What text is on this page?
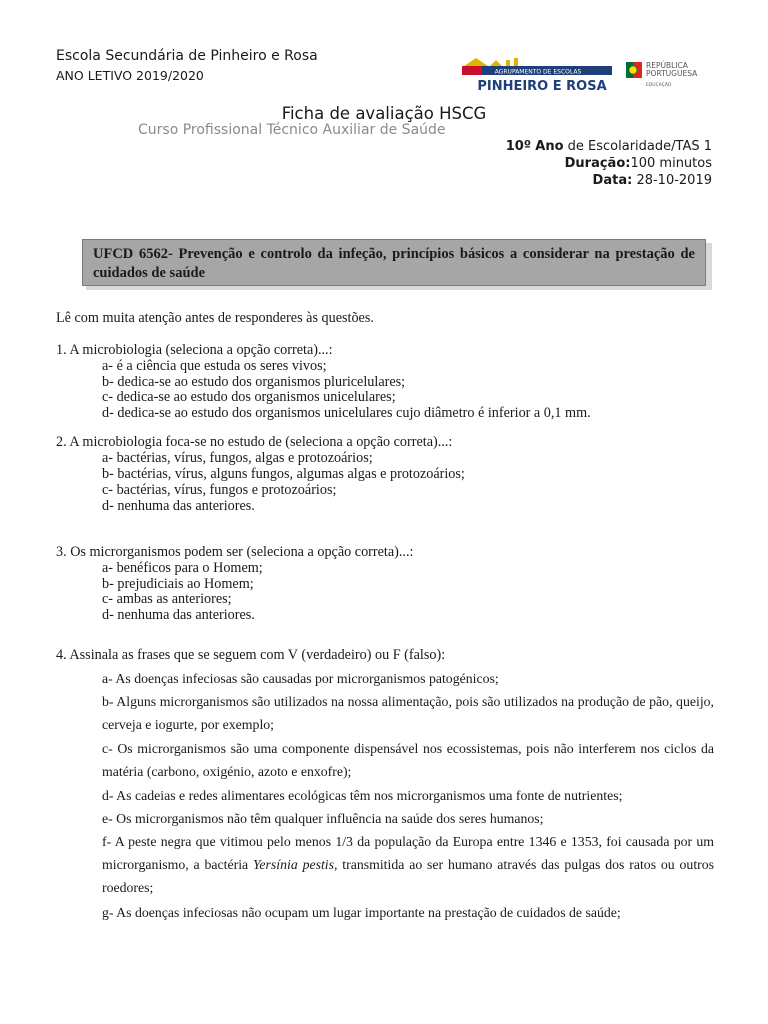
Escola Secundária de Pinheiro e Rosa
ANO LETIVO 2019/2020	AGRUPAMENTO DE ESCOLAS
PINHEIRO E ROSA
REPÚBLICA
PORTUGUESA
EDUCAÇÃO
Ficha de avaliação HSCG
Curso Profissional Técnico Auxiliar de Saúde
10º Ano de Escolaridade/TAS 1
Duração:100 minutos
Data: 28-10-2019
UFCD 6562- Prevenção e controlo da infeção, princípios básicos a considerar na prestação de cuidados de saúde
Lê com muita atenção antes de responderes às questões.
1. A microbiologia (seleciona a opção correta)...:
a- é a ciência que estuda os seres vivos;
b- dedica-se ao estudo dos organismos pluricelulares;
c- dedica-se ao estudo dos organismos unicelulares;
d- dedica-se ao estudo dos organismos unicelulares cujo diâmetro é inferior a 0,1 mm.
2. A microbiologia foca-se no estudo de (seleciona a opção correta)...:
a- bactérias, vírus, fungos, algas e protozoários;
b- bactérias, vírus, alguns fungos, algumas algas e protozoários;
c- bactérias, vírus, fungos e protozoários;
d- nenhuma das anteriores.
3. Os microrganismos podem ser (seleciona a opção correta)...:
a- benéficos para o Homem;
b- prejudiciais ao Homem;
c- ambas as anteriores;
d- nenhuma das anteriores.
4. Assinala as frases que se seguem com V (verdadeiro) ou F (falso):
a- As doenças infeciosas são causadas por microrganismos patogénicos;
b- Alguns microrganismos são utilizados na nossa alimentação, pois são utilizados na produção de pão, queijo, cerveja e iogurte, por exemplo;
c- Os microrganismos são uma componente dispensável nos ecossistemas, pois não interferem nos ciclos da matéria (carbono, oxigénio, azoto e enxofre);
d- As cadeias e redes alimentares ecológicas têm nos microrganismos uma fonte de nutrientes;
e- Os microrganismos não têm qualquer influência na saúde dos seres humanos;
f- A peste negra que vitimou pelo menos 1/3 da população da Europa entre 1346 e 1353, foi causada por um microrganismo, a bactéria Yersínia pestis, transmitida ao ser humano através das pulgas dos ratos ou outros roedores;
g- As doenças infeciosas não ocupam um lugar importante na prestação de cuidados de saúde;
